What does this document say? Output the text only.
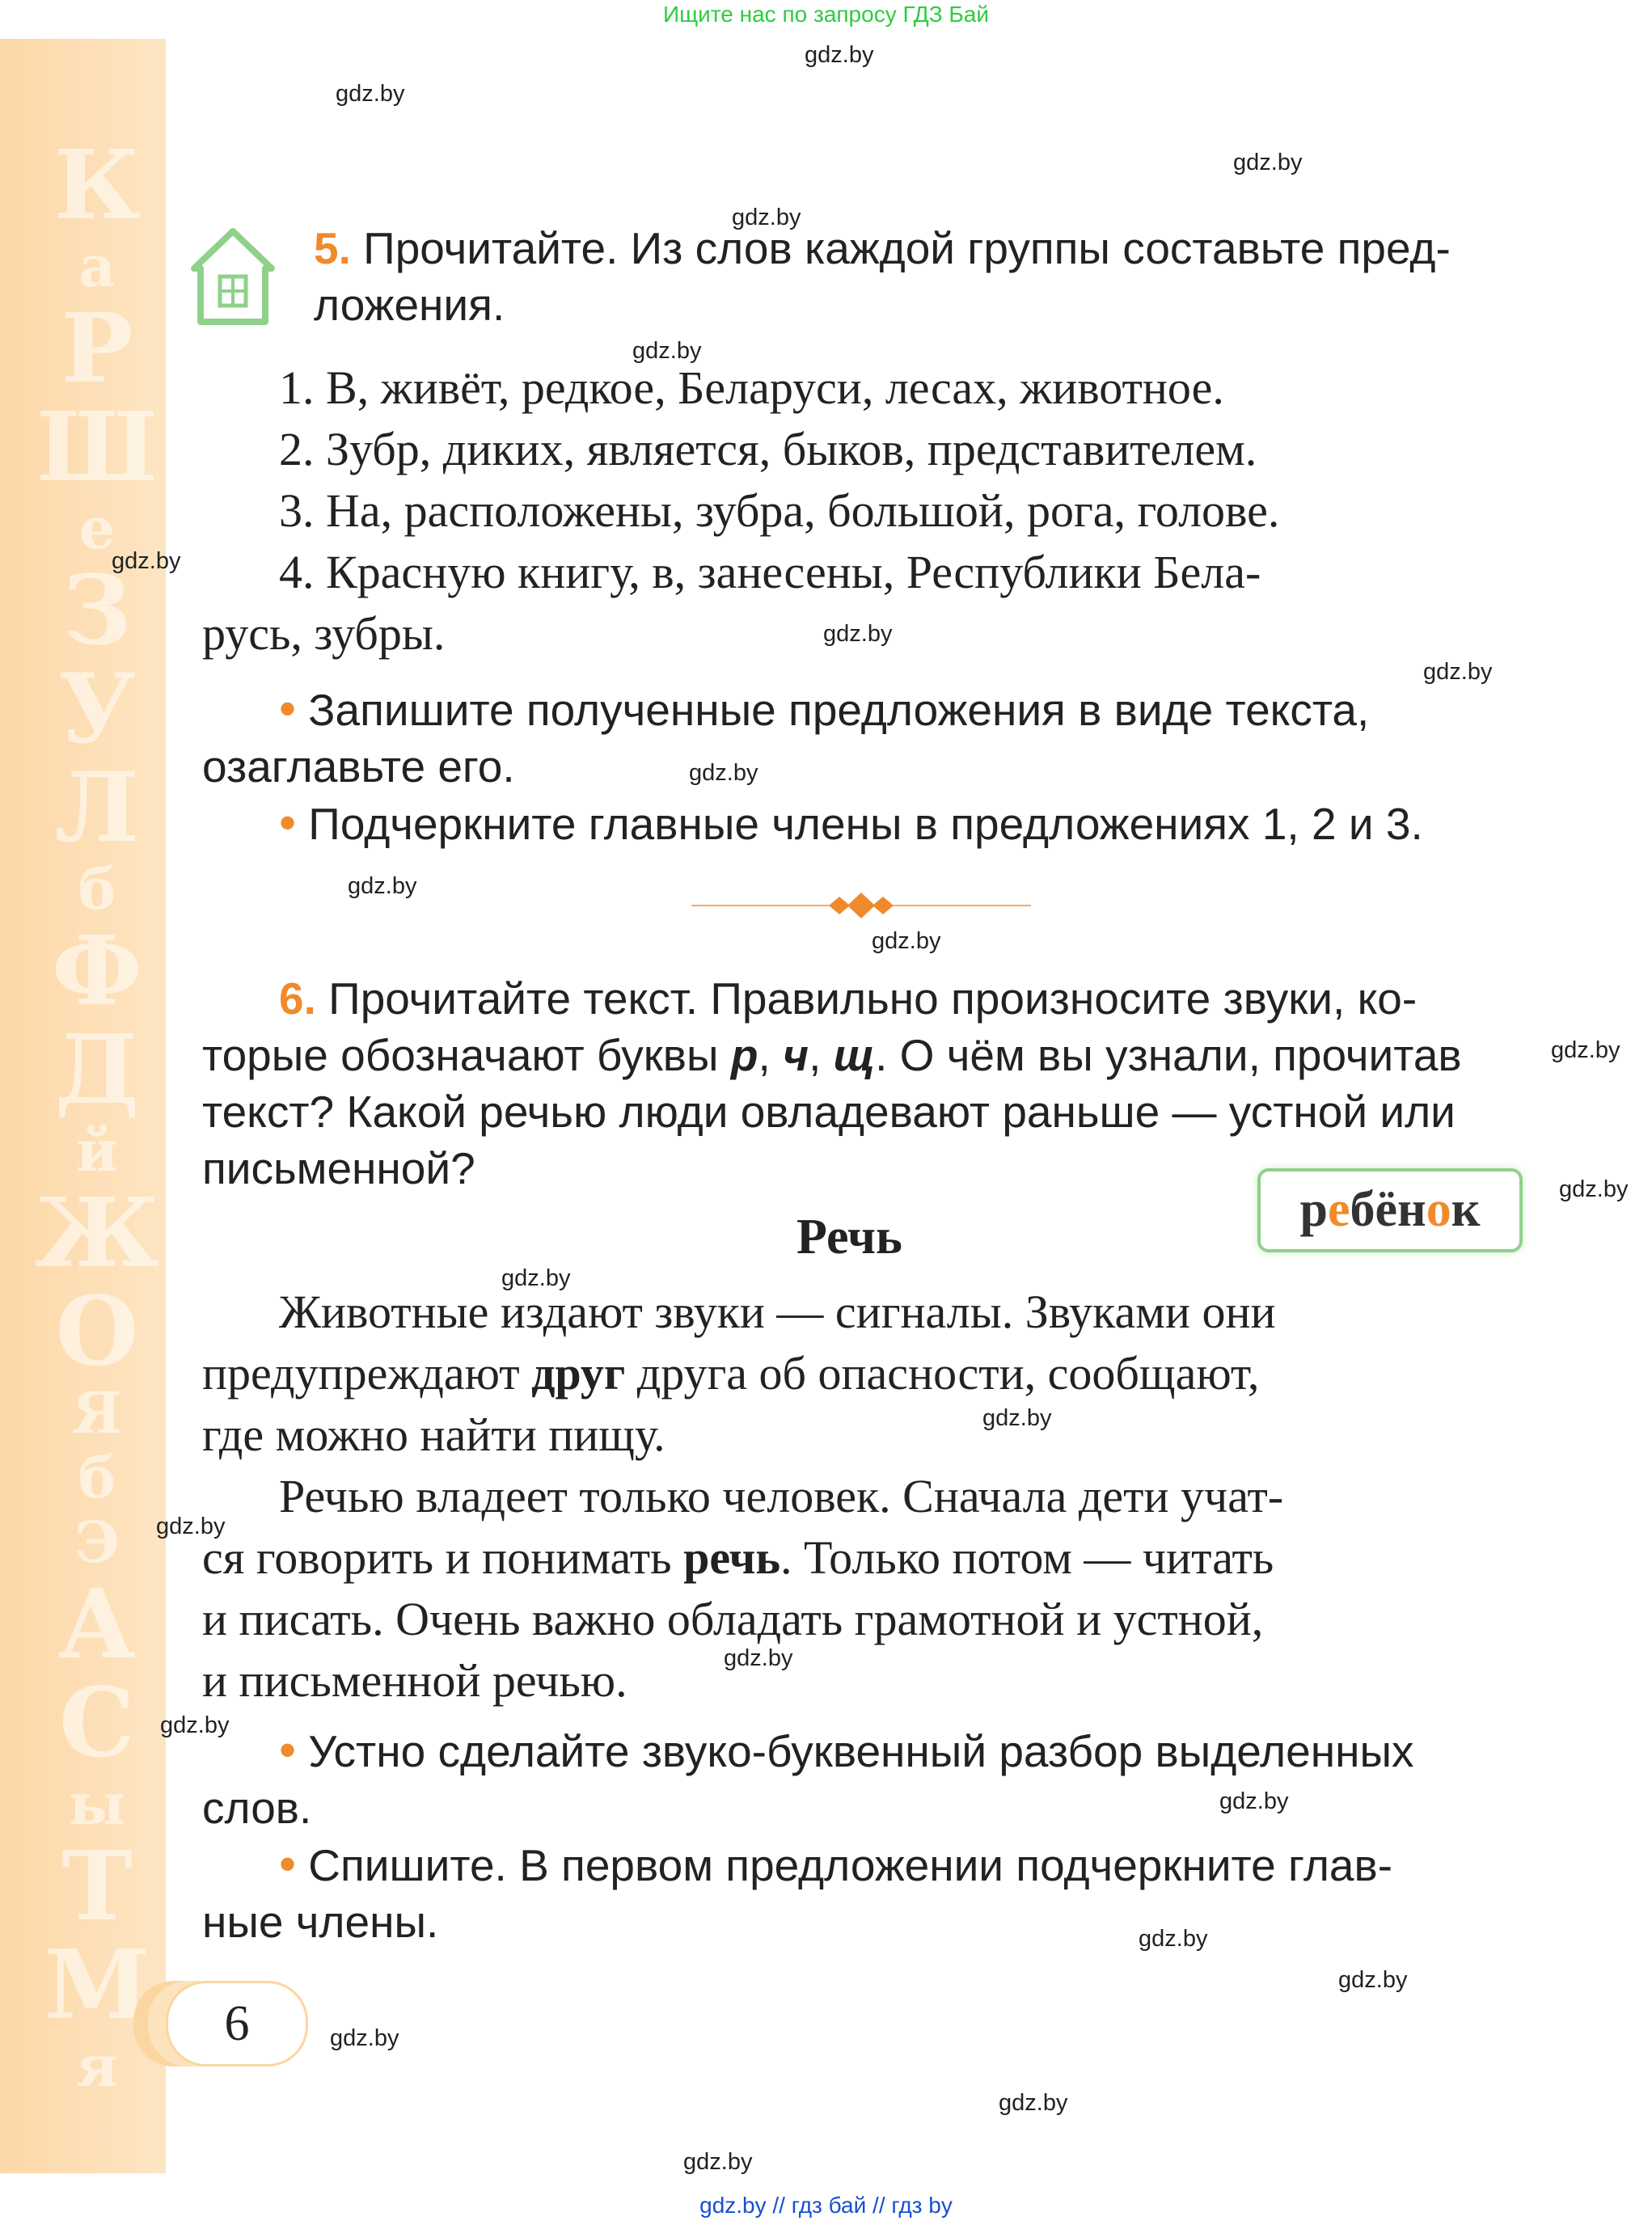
К
а
Р
Ш
е
З
У
Л
б
Ф
Д
й
Ж
О
Я
б
Э
А
С
ы
Т
М
я
Ищите нас по запросу ГДЗ Бай
gdz.by
gdz.by
gdz.by
gdz.by
gdz.by
gdz.by
gdz.by
gdz.by
gdz.by
gdz.by
gdz.by
gdz.by
gdz.by
gdz.by
gdz.by
gdz.by
gdz.by
gdz.by
gdz.by
gdz.by
gdz.by
gdz.by
gdz.by
gdz.by
5. Прочитайте. Из слов каждой группы составьте пред-
ложения.

1. В, живёт, редкое, Беларуси, лесах, животное.

2. Зубр, диких, является, быков, представителем.

3. На, расположены, зубра, большой, рога, голове.

4. Красную книгу, в, занесены, Республики Бела-

русь, зубры.

• Запишите полученные предложения в виде текста,

озаглавьте его.

• Подчеркните главные члены в предложениях 1, 2 и 3.

6. Прочитайте текст. Правильно произносите звуки, ко-

торые обозначают буквы р, ч, щ. О чём вы узнали, прочитав

текст? Какой речью люди овладевают раньше — устной или

письменной?

ребёнок
Речь

Животные издают звуки — сигналы. Звуками они

предупреждают друг друга об опасности, сообщают,

где можно найти пищу.

Речью владеет только человек. Сначала дети учат-

ся говорить и понимать речь. Только потом — читать

и писать. Очень важно обладать грамотной и устной,

и письменной речью.

• Устно сделайте звуко-буквенный разбор выделенных

слов.

• Спишите. В первом предложении подчеркните глав-

ные члены.

6
gdz.by // гдз бай // гдз by
